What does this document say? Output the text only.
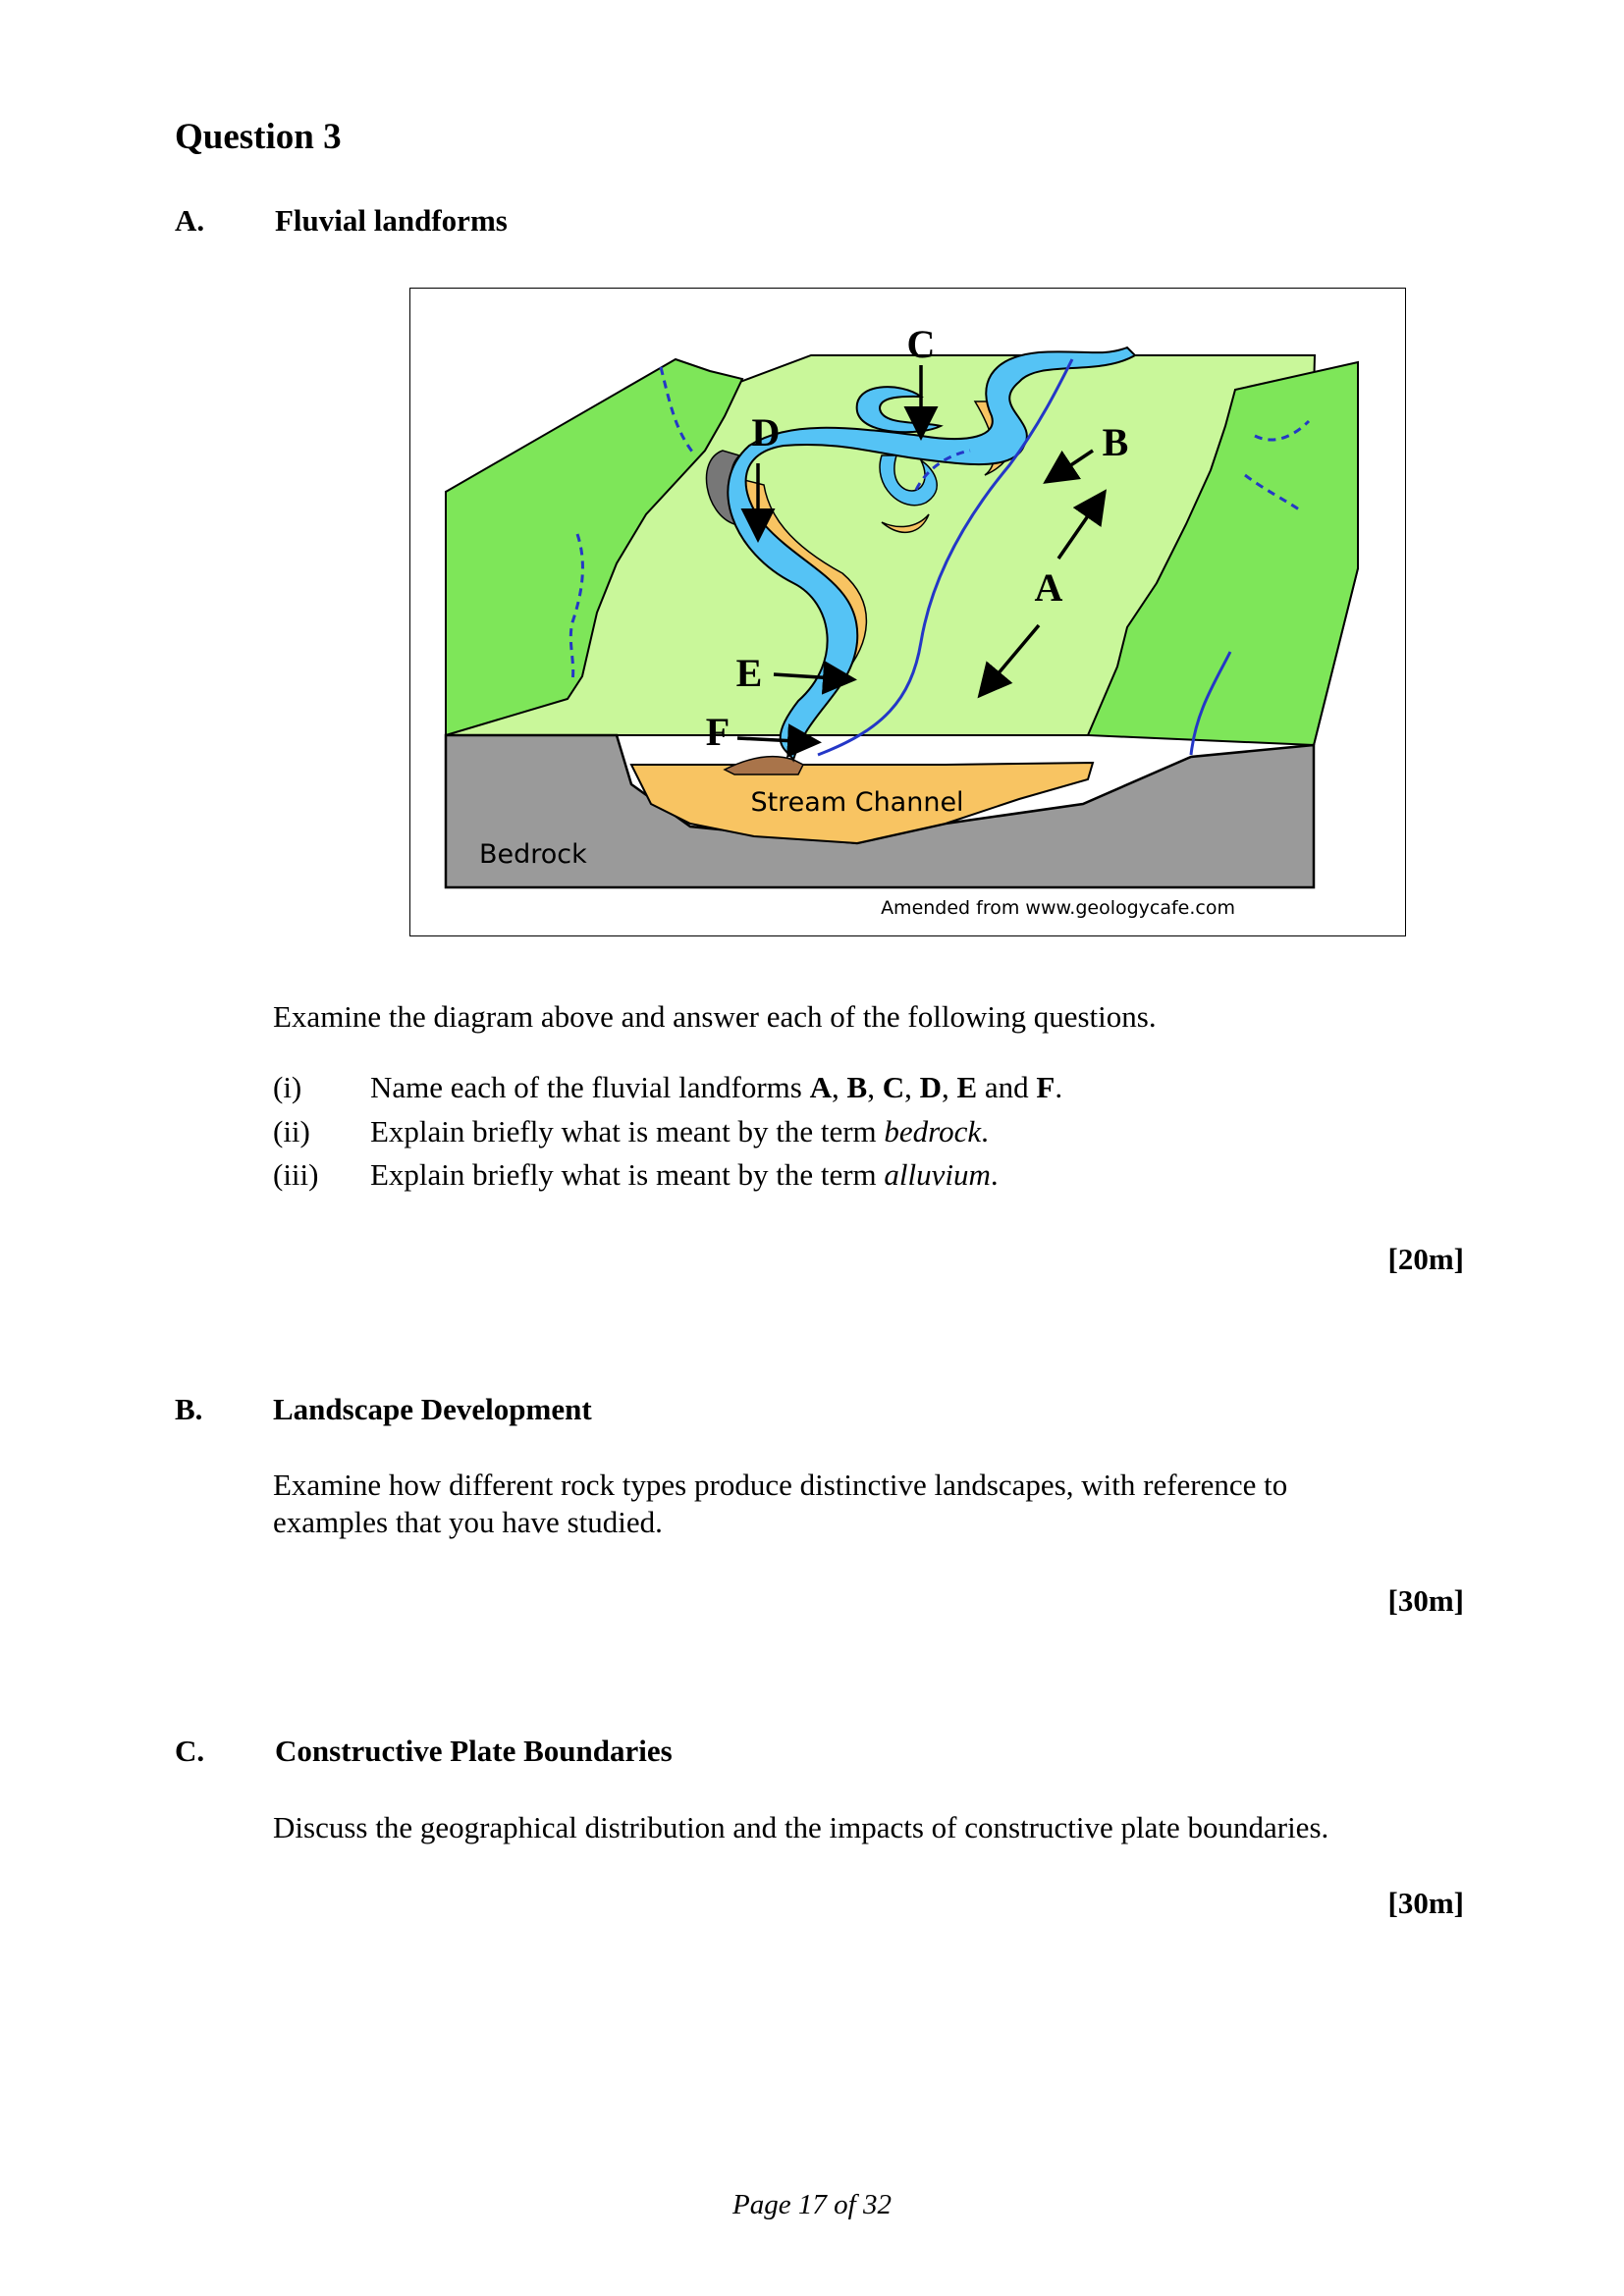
Question 3
A. Fluvial landforms
C
D	B
A
E
F
Stream Channel
Bedrock
Amended from www.geologycafe.com
Examine the diagram above and answer each of the following questions.
(i) Name each of the fluvial landforms A, B, C, D, E and F.
(ii) Explain briefly what is meant by the term bedrock.
(iii) Explain briefly what is meant by the term alluvium.
[20m]
B. Landscape Development
Examine how different rock types produce distinctive landscapes, with reference to examples that you have studied.
[30m]
C. Constructive Plate Boundaries
Discuss the geographical distribution and the impacts of constructive plate boundaries.
[30m]
Page 17 of 32
